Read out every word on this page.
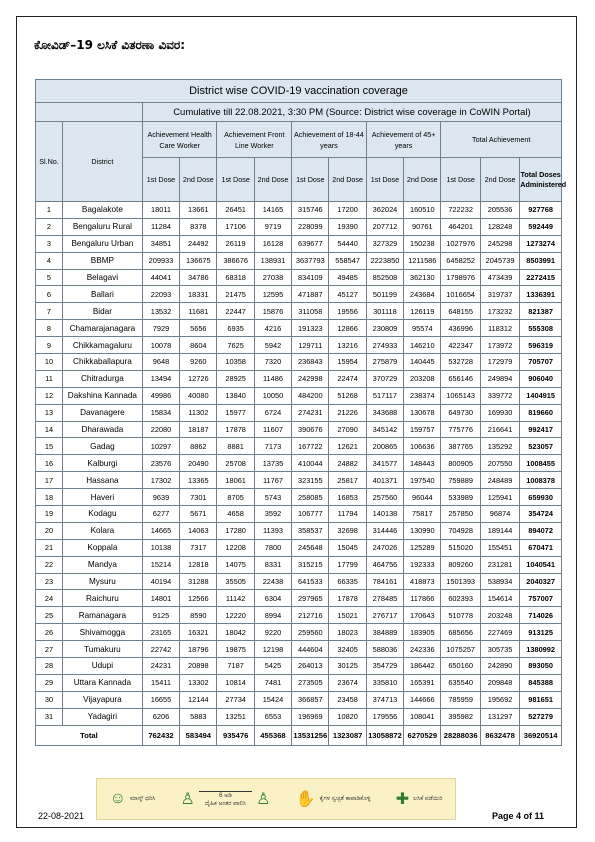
ಕೋವಿಡ್–19 ಲಸಿಕೆ ವಿತರಣಾ ವಿವರ:
District wise COVID-19 vaccination coverage												
		Cumulative till 22.08.2021, 3:30 PM (Source: District wise coverage in CoWIN Portal)										
Sl.No.	District	Achievement Health Care Worker		Achievement Front Line Worker		Achievement of 18-44 years		Achievement of 45+ years		Total Achievement		
		1st Dose	2nd Dose	1st Dose	2nd Dose	1st Dose	2nd Dose	1st Dose	2nd Dose	1st Dose	2nd Dose	Total Doses Administered
1	Bagalakote	18011	13661	26451	14165	315746	17200	362024	160510	722232	205536	927768
2	Bengaluru Rural	11284	8378	17106	9719	228099	19390	207712	90761	464201	128248	592449
3	Bengaluru Urban	34851	24492	26119	16128	639677	54440	327329	150238	1027976	245298	1273274
4	BBMP	209933	136675	386676	138931	3637793	558547	2223850	1211586	6458252	2045739	8503991
5	Belagavi	44041	34786	68318	27038	834109	49485	852508	362130	1798976	473439	2272415
6	Ballari	22093	18331	21475	12595	471887	45127	501199	243684	1016654	319737	1336391
7	Bidar	13532	11681	22447	15876	311058	19556	301118	126119	648155	173232	821387
8	Chamarajanagara	7929	5656	6935	4216	191323	12866	230809	95574	436996	118312	555308
9	Chikkamagaluru	10078	8604	7625	5942	129711	13216	274933	146210	422347	173972	596319
10	Chikkaballapura	9648	9260	10358	7320	236843	15954	275879	140445	532728	172979	705707
11	Chitradurga	13494	12726	28925	11486	242998	22474	370729	203208	656146	249894	906040
12	Dakshina Kannada	49986	40080	13840	10050	484200	51268	517117	238374	1065143	339772	1404915
13	Davanagere	15834	11302	15977	6724	274231	21226	343688	130678	649730	169930	819660
14	Dharawada	22080	18187	17878	11607	390676	27090	345142	159757	775776	216641	992417
15	Gadag	10297	8862	8881	7173	167722	12621	200865	106636	387765	135292	523057
16	Kalburgi	23576	20490	25708	13735	410044	24882	341577	148443	800905	207550	1008455
17	Hassana	17302	13365	18061	11767	323155	25817	401371	197540	759889	248489	1008378
18	Haveri	9639	7301	8705	5743	258085	16853	257560	96044	533989	125941	659930
19	Kodagu	6277	5671	4658	3592	106777	11794	140138	75817	257850	96874	354724
20	Kolara	14665	14063	17280	11393	358537	32698	314446	130990	704928	189144	894072
21	Koppala	10138	7317	12208	7800	245648	15045	247026	125289	515020	155451	670471
22	Mandya	15214	12818	14075	8331	315215	17799	464756	192333	809260	231281	1040541
23	Mysuru	40194	31288	35505	22438	641533	66335	784161	418873	1501393	538934	2040327
24	Raichuru	14801	12566	11142	6304	297965	17878	278485	117866	602393	154614	757007
25	Ramanagara	9125	8590	12220	8994	212716	15021	276717	170643	510778	203248	714026
26	Shivamogga	23165	16321	18042	9220	259560	18023	384889	183905	685656	227469	913125
27	Tumakuru	22742	18796	19875	12198	444604	32405	588036	242336	1075257	305735	1380992
28	Udupi	24231	20898	7187	5425	264013	30125	354729	186442	650160	242890	893050
29	Uttara Kannada	15411	13302	10814	7481	273505	23674	335810	165391	635540	209848	845388
30	Vijayapura	16655	12144	27734	15424	366857	23458	374713	144666	785959	195692	981651
31	Yadagiri	6206	5883	13251	6553	196969	10820	179556	108041	395982	131297	527279
Total		762432	583494	935476	455368	13531256	1323087	13058872	6270529	28288036	8632478	36920514
☺ ಮಾಸ್ಕ್ ಧರಿಸಿ ♙	6 ಅಡಿ
ದೈಹಿಕ ಅಂತರ ಪಾಲಿಸಿ ♙ ✋ ಕೈಗಳ ಸ್ವಚ್ಛತೆ ಕಾಪಾಡಿಕೊಳ್ಳಿ ✚ ಲಸಿಕೆ ಪಡೆಯಿರಿ
22-08-2021	Page 4 of 11
